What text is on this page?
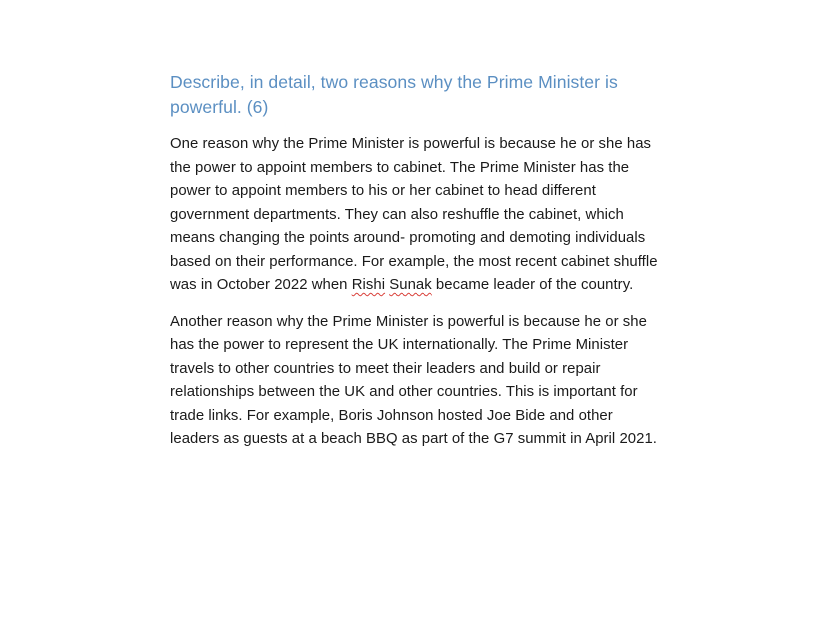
Describe, in detail, two reasons why the Prime Minister is powerful. (6)

One reason why the Prime Minister is powerful is because he or she has the power to appoint members to cabinet. The Prime Minister has the power to appoint members to his or her cabinet to head different government departments. They can also reshuffle the cabinet, which means changing the points around- promoting and demoting individuals based on their performance. For example, the most recent cabinet shuffle was in October 2022 when Rishi Sunak became leader of the country.

Another reason why the Prime Minister is powerful is because he or she has the power to represent the UK internationally. The Prime Minister travels to other countries to meet their leaders and build or repair relationships between the UK and other countries. This is important for trade links. For example, Boris Johnson hosted Joe Bide and other leaders as guests at a beach BBQ as part of the G7 summit in April 2021.
